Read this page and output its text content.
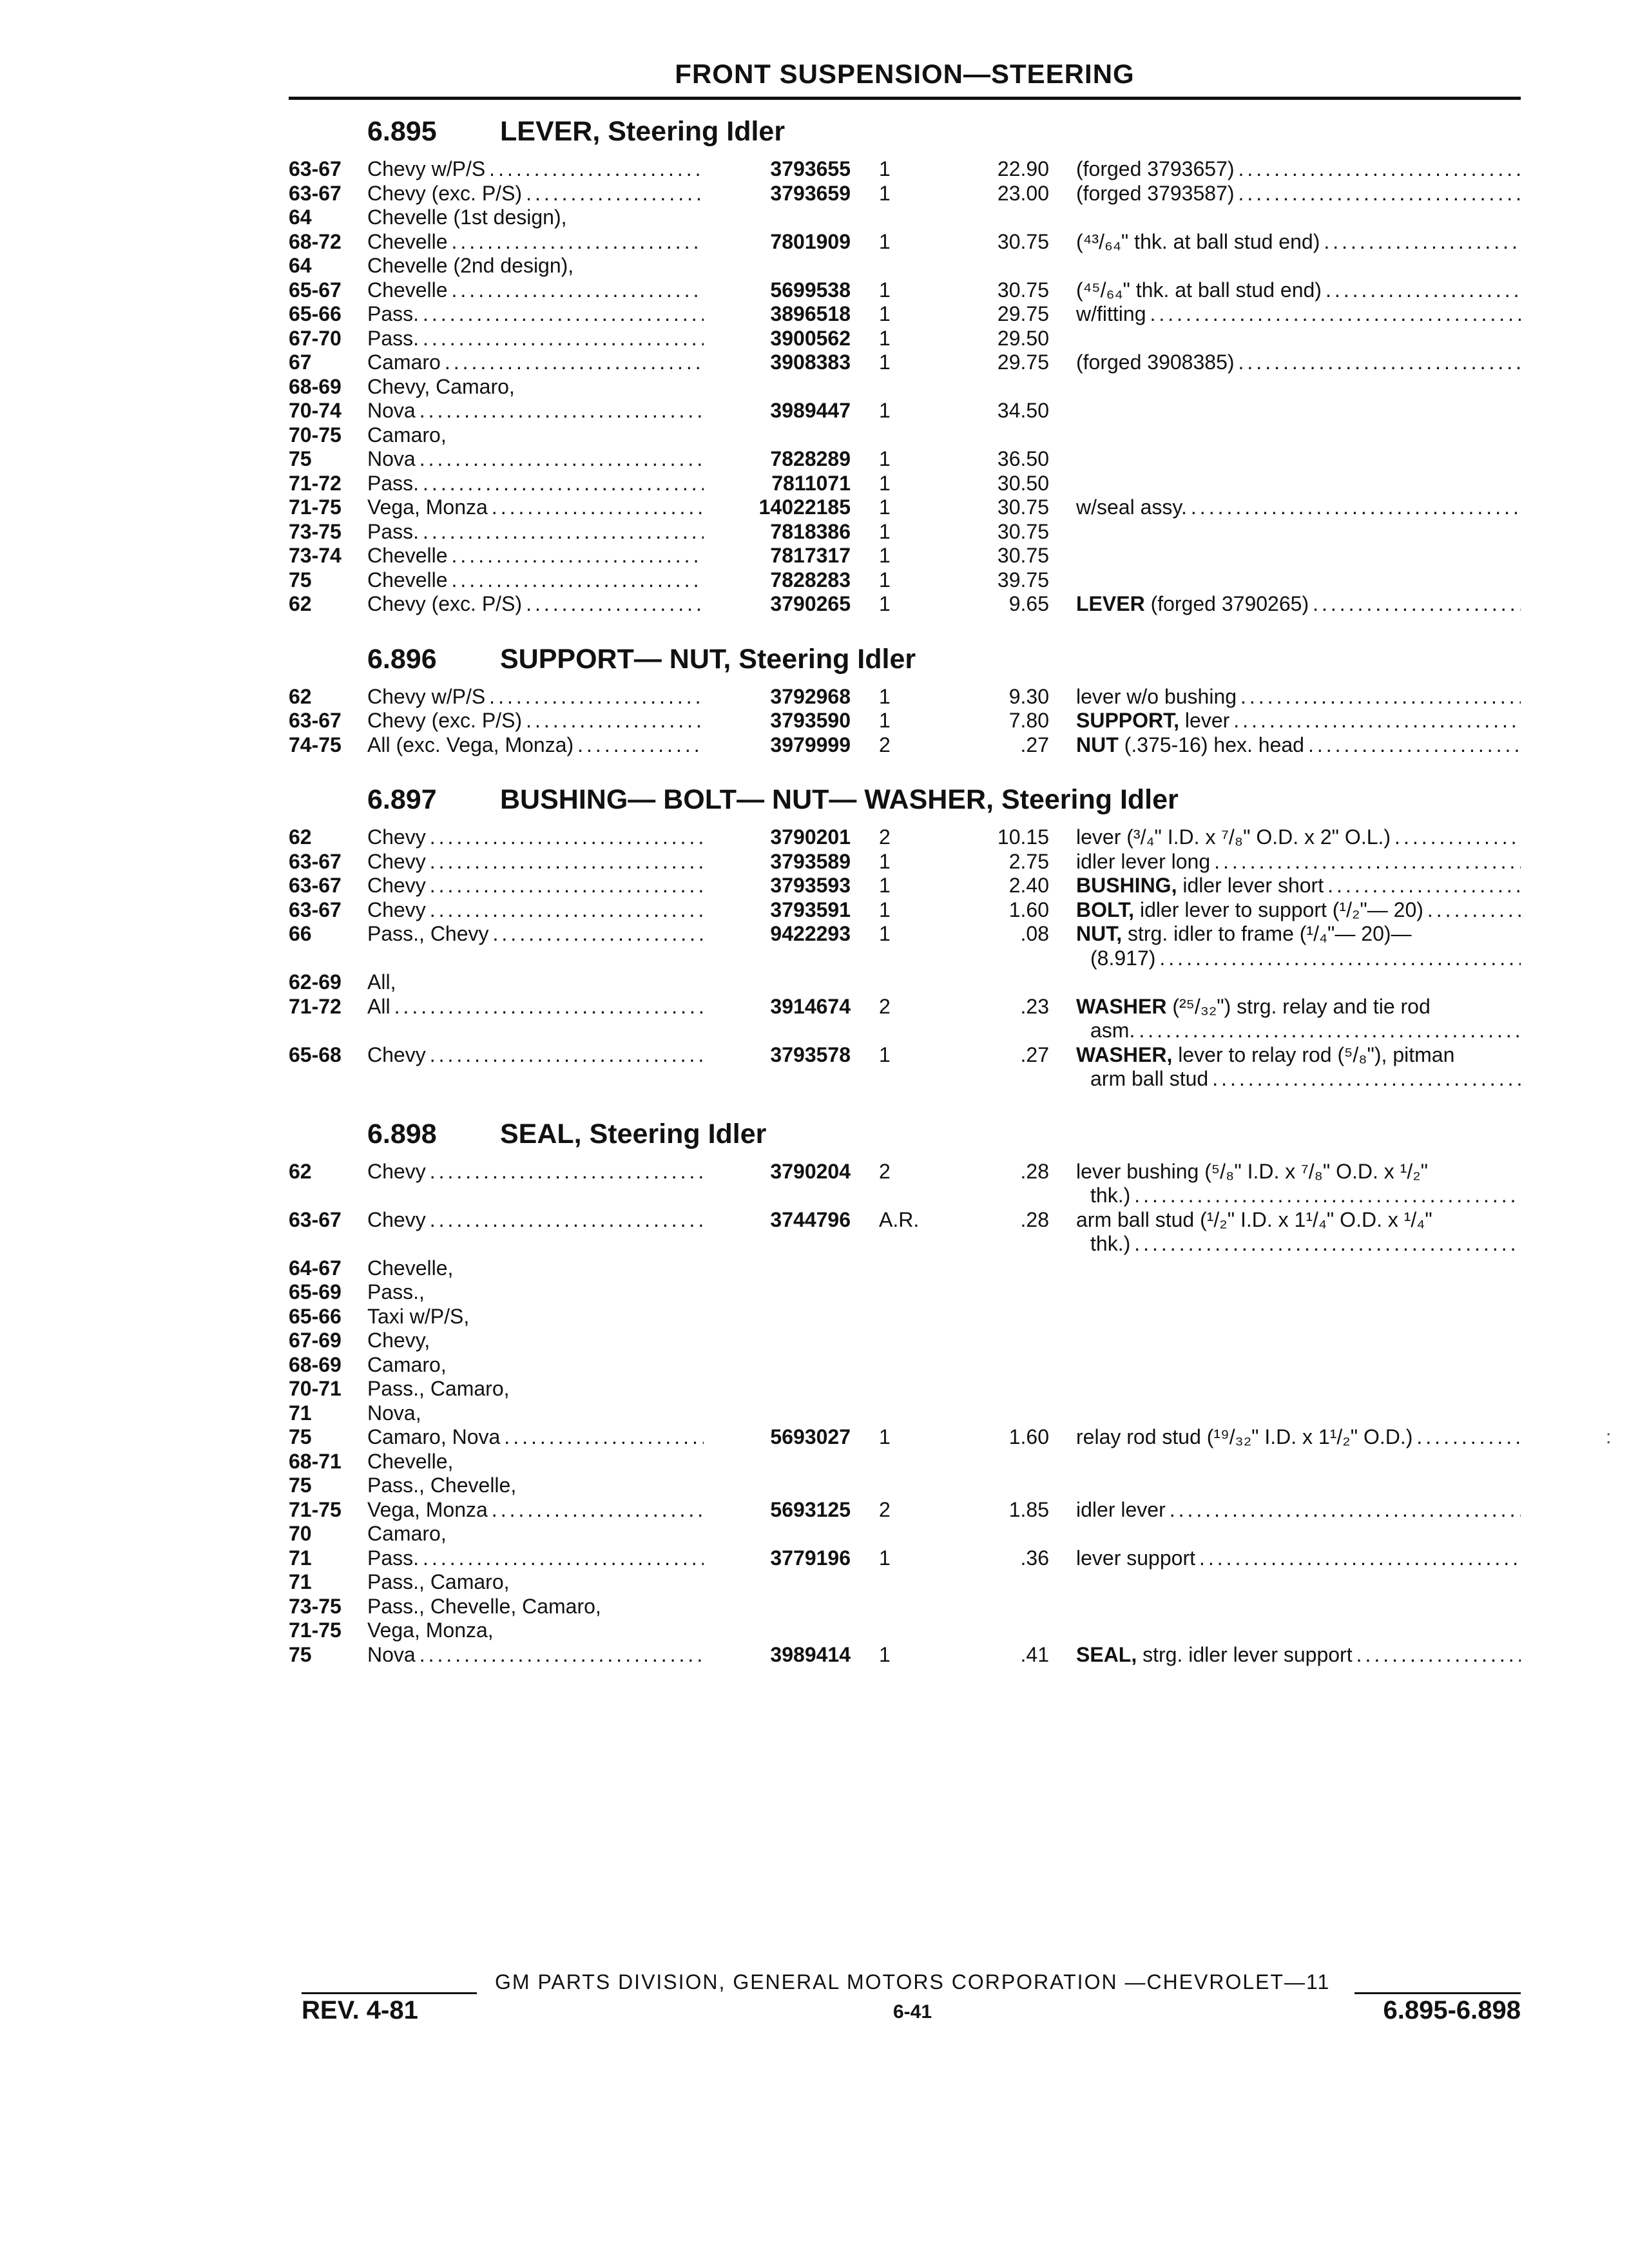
FRONT SUSPENSION—STEERING
6.895	LEVER, Steering Idler
63-67	Chevy w/P/S .....	3793655	1	22.90 (forged 3793657)
.....
63-67	Chevy (exc. P/S) .....	3793659	1	23.00 (forged 3793587)
.....
64	Chevelle (1st design),
68-72	Chevelle .....	7801909	1	30.75 (⁴³/₆₄" thk. at ball stud end)
.....
64	Chevelle (2nd design),
65-67	Chevelle .....	5699538	1	30.75 (⁴⁵/₆₄" thk. at ball stud end)
.....
65-66	Pass. .....	3896518	1	29.75 w/fitting
.....
67-70	Pass. .....	3900562	1	29.50
67	Camaro .....	3908383	1	29.75 (forged 3908385)
.....
68-69	Chevy, Camaro,
70-74	Nova .....	3989447	1	34.50
70-75	Camaro,
75	Nova .....	7828289	1	36.50
71-72	Pass. .....	7811071	1	30.50
71-75	Vega, Monza .....	14022185	1	30.75 w/seal assy.
.....
73-75	Pass. .....	7818386	1	30.75
73-74	Chevelle .....	7817317	1	30.75
75	Chevelle .....	7828283	1	39.75
62	Chevy (exc. P/S) .....	3790265	1	9.65 LEVER (forged 3790265)
.....
6.896	SUPPORT— NUT, Steering Idler
62	Chevy w/P/S .....	3792968	1	9.30 lever w/o bushing
.....
63-67	Chevy (exc. P/S) .....	3793590	1	7.80 SUPPORT, lever
.....
74-75	All (exc. Vega, Monza) .....	3979999	2	.27 NUT (.375-16) hex. head
.....
6.897	BUSHING— BOLT— NUT— WASHER, Steering Idler
62	Chevy .....	3790201	2	10.15 lever (³/₄" I.D. x ⁷/₈" O.D. x 2" O.L.)
.....
63-67	Chevy .....	3793589	1	2.75 idler lever long
.....
63-67	Chevy .....	3793593	1	2.40 BUSHING, idler lever short
.....
63-67	Chevy .....	3793591	1	1.60 BOLT, idler lever to support (¹/₂"— 20)
.....
66	Pass., Chevy .....	9422293	1	.08 NUT, strg. idler to frame (¹/₄"— 20)—
(8.917)
.....
62-69	All,
71-72	All .....	3914674	2	.23 WASHER (²⁵/₃₂") strg. relay and tie rod
asm.
.....
65-68	Chevy .....	3793578	1	.27 WASHER, lever to relay rod (⁵/₈"), pitman
arm ball stud
.....
6.898	SEAL, Steering Idler
62	Chevy .....	3790204	2	.28 lever bushing (⁵/₈" I.D. x ⁷/₈" O.D. x ¹/₂"
thk.)
.....
63-67	Chevy .....	3744796	A.R.	.28 arm ball stud (¹/₂" I.D. x 1¹/₄" O.D. x ¹/₄"
thk.)
.....
64-67	Chevelle,
65-69	Pass.,
65-66	Taxi w/P/S,
67-69	Chevy,
68-69	Camaro,
70-71	Pass., Camaro,
71	Nova,
75	Camaro, Nova .....	5693027	1	1.60 relay rod stud (¹⁹/₃₂" I.D. x 1¹/₂" O.D.)
.....
68-71	Chevelle,
75	Pass., Chevelle,
71-75	Vega, Monza .....	5693125	2	1.85 idler lever
.....
70	Camaro,
71	Pass. .....	3779196	1	.36 lever support
.....
71	Pass., Camaro,
73-75	Pass., Chevelle, Camaro,
71-75	Vega, Monza,
75	Nova .....	3989414	1	.41 SEAL, strg. idler lever support
.....
GM PARTS DIVISION, GENERAL MOTORS CORPORATION —CHEVROLET—11
REV. 4-81	6-41	6.895-6.898
:
